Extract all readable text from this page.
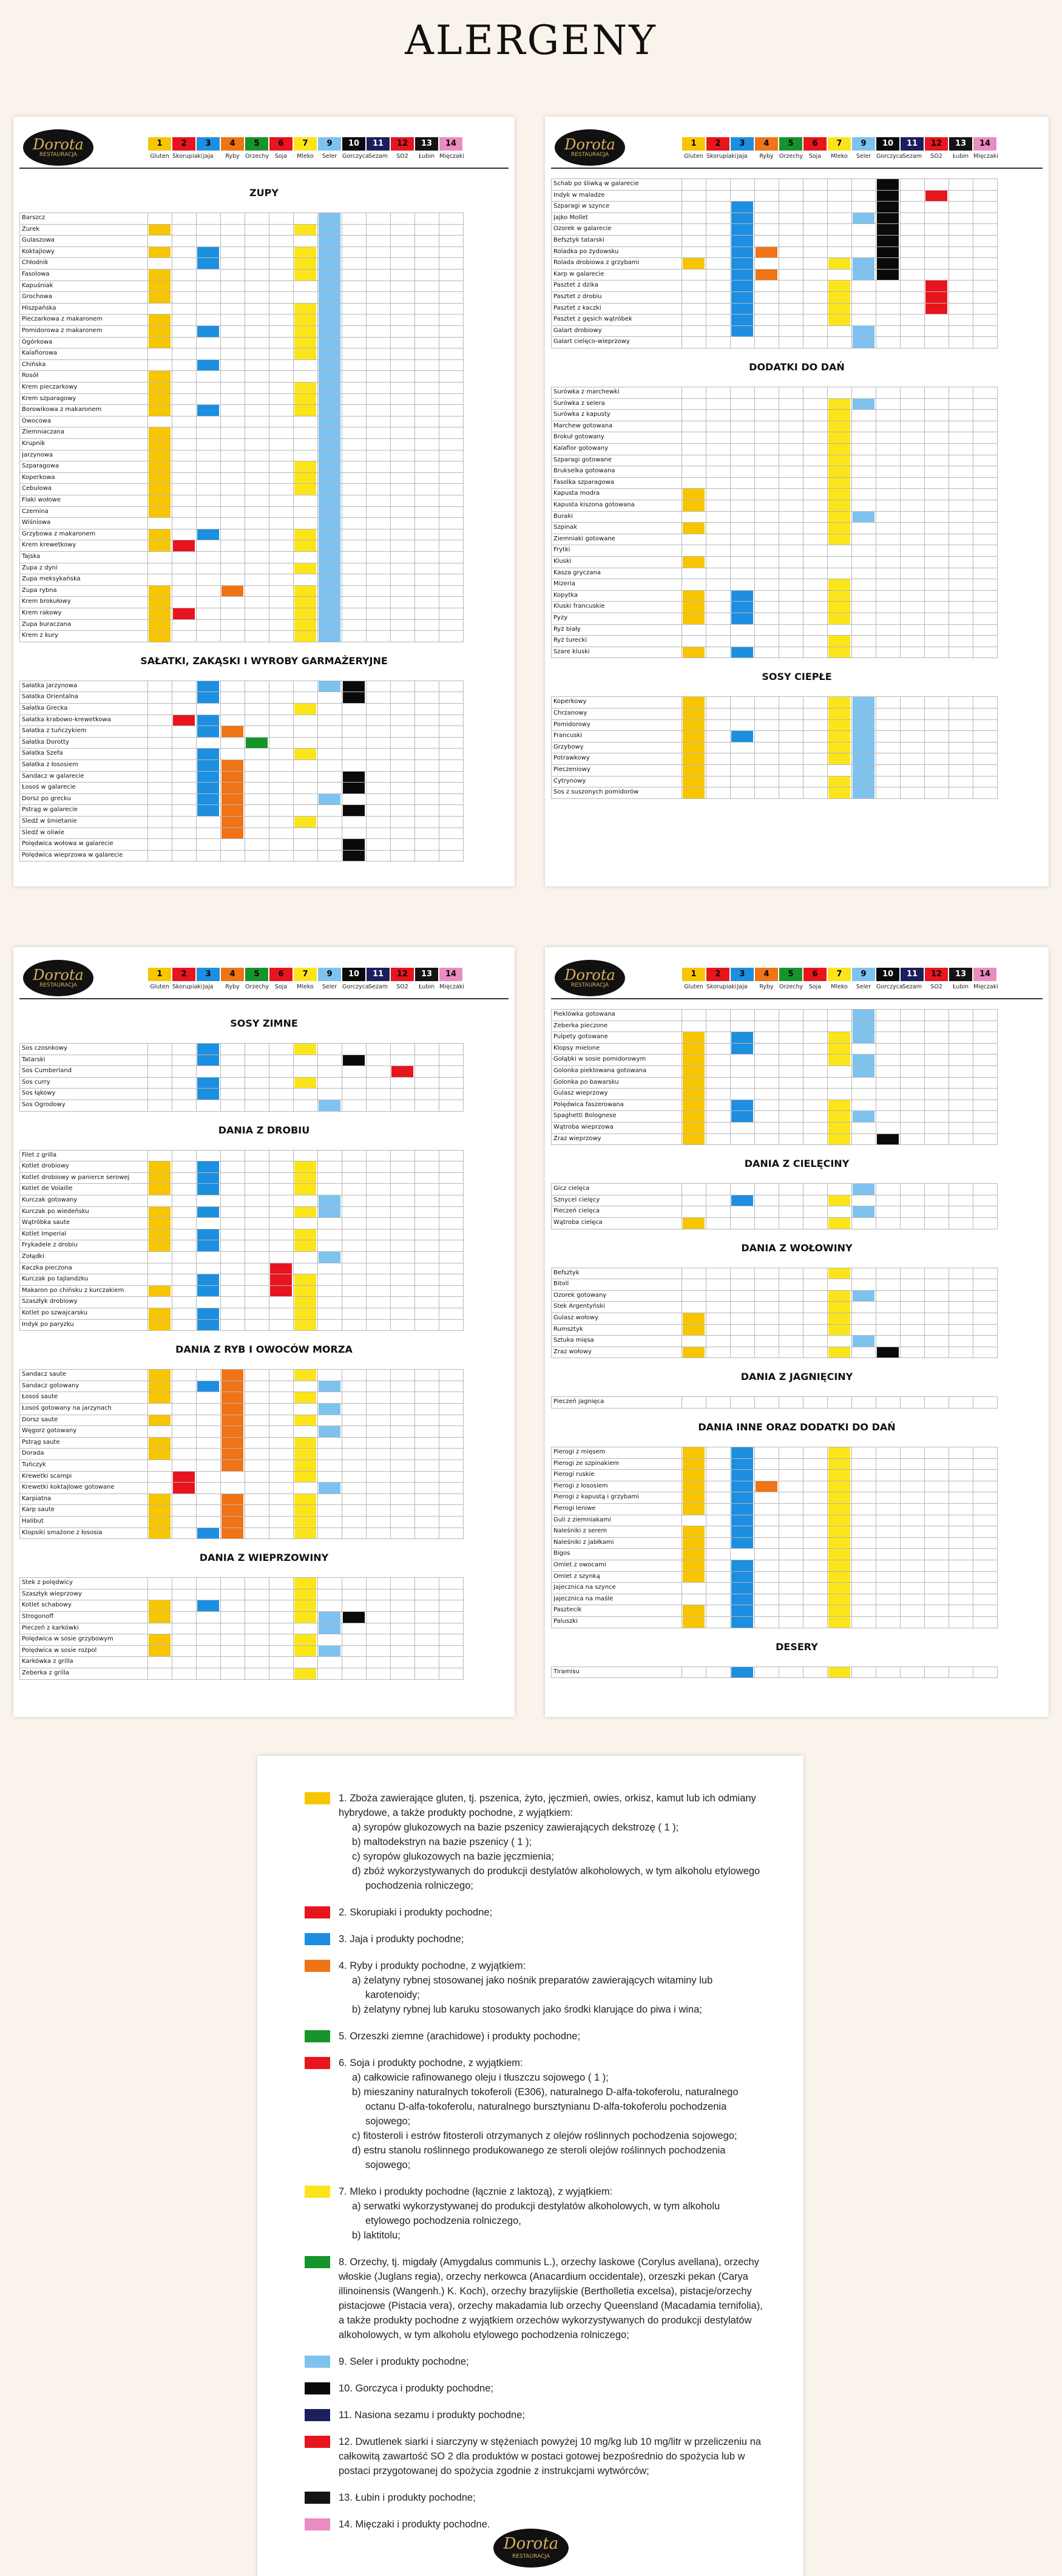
ALERGENY
Dorota
RESTAURACJA
1
Gluten
2
Skorupiaki
3
Jaja
4
Ryby
5
Orzechy
6
Soja
7
Mleko
9
Seler
10
Gorczyca
11
Sezam
12
SO2
13
Łubin
14
Mięczaki
ZUPY
Barszcz
Żurek
Gulaszowa
Koktajlowy
Chłodnik
Fasolowa
Kapuśniak
Grochowa
Hiszpańska
Pieczarkowa z makaronem
Pomidorowa z makaronem
Ogórkowa
Kalafiorowa
Chińska
Rosół
Krem pieczarkowy
Krem szparagowy
Borowikowa z makaronem
Owocowa
Ziemniaczana
Krupnik
Jarzynowa
Szparagowa
Koperkowa
Cebulowa
Flaki wołowe
Czernina
Wiśniowa
Grzybowa z makaronem
Krem krewetkowy
Tajska
Zupa z dyni
Zupa meksykańska
Zupa rybna
Krem brokułowy
Krem rakowy
Zupa buraczana
Krem z kury
SAŁATKI, ZAKĄSKI I WYROBY GARMAŻERYJNE
Sałatka jarzynowa
Sałatka Orientalna
Sałatka Grecka
Sałatka krabowo-krewetkowa
Sałatka z tuńczykiem
Sałatka Dorotty
Sałatka Szefa
Sałatka z łososiem
Sandacz w galarecie
Łosoś w galarecie
Dorsz po grecku
Pstrąg w galarecie
Śledź w śmietanie
Śledź w oliwie
Polędwica wołowa w galarecie
Polędwica wieprzowa w galarecie
Dorota
RESTAURACJA
1
Gluten
2
Skorupiaki
3
Jaja
4
Ryby
5
Orzechy
6
Soja
7
Mleko
9
Seler
10
Gorczyca
11
Sezam
12
SO2
13
Łubin
14
Mięczaki
Schab po śliwką w galarecie
Indyk w maladze
Szparagi w szynce
Jajko Mollet
Ozorek w galarecie
Befsztyk tatarski
Roladka po żydowsku
Rolada drobiowa z grzybami
Karp w galarecie
Pasztet z dzika
Pasztet z drobiu
Pasztet z kaczki
Pasztet z gęsich wątróbek
Galart drobiowy
Galart cielęco-wieprzowy
DODATKI DO DAŃ
Surówka z marchewki
Surówka z selera
Surówka z kapusty
Marchew gotowana
Brokuł gotowany
Kalafior gotowany
Szparagi gotowane
Brukselka gotowana
Fasolka szparagowa
Kapusta modra
Kapusta kiszona gotowana
Buraki
Szpinak
Ziemniaki gotowane
Frytki
Kluski
Kasza gryczana
Mizeria
Kopytka
Kluski francuskie
Pyzy
Ryż biały
Ryż turecki
Szare kluski
SOSY CIEPŁE
Koperkowy
Chrzanowy
Pomidorowy
Francuski
Grzybowy
Potrawkowy
Pieczeniowy
Cytrynowy
Sos z suszonych pomidorów
Dorota
RESTAURACJA
1
Gluten
2
Skorupiaki
3
Jaja
4
Ryby
5
Orzechy
6
Soja
7
Mleko
9
Seler
10
Gorczyca
11
Sezam
12
SO2
13
Łubin
14
Mięczaki
SOSY ZIMNE
Sos czosnkowy
Tatarski
Sos Cumberland
Sos curry
Sos łąkowy
Sos Ogrodowy
DANIA Z DROBIU
Filet z grilla
Kotlet drobiowy
Kotlet drobiowy w panierce serowej
Kotlet de Volaille
Kurczak gotowany
Kurczak po wiedeńsku
Wątróbka saute
Kotlet Imperial
Frykadele z drobiu
Żołądki
Kaczka pieczona
Kurczak po tajlandzku
Makaron po chińsku z kurczakiem
Szaszłyk drobiowy
Kotlet po szwajcarsku
Indyk po paryzku
DANIA Z RYB I OWOCÓW MORZA
Sandacz saute
Sandacz gotowany
Łosoś saute
Łosoś gotowany na jarzynach
Dorsz saute
Węgorz gotowany
Pstrąg saute
Dorada
Tuńczyk
Krewetki scampi
Krewetki koktajlowe gotowane
Karpiatna
Karp saute
Halibut
Klopsiki smażone z łososia
DANIA Z WIEPRZOWINY
Stek z polędwicy
Szaszłyk wieprzowy
Kotlet schabowy
Strogonoff
Pieczeń z karkówki
Polędwica w sosie grzybowym
Polędwica w sosie rożpol
Karkówka z grilla
Żeberka z grilla
Dorota
RESTAURACJA
1
Gluten
2
Skorupiaki
3
Jaja
4
Ryby
5
Orzechy
6
Soja
7
Mleko
9
Seler
10
Gorczyca
11
Sezam
12
SO2
13
Łubin
14
Mięczaki
Pieklówka gotowana
Żeberka pieczone
Pulpety gotowane
Klopsy mielone
Gołąbki w sosie pomidorowym
Golonka pieklowana gotowana
Golonka po bawarsku
Gulasz wieprzowy
Polędwica faszerowana
Spaghetti Bolognese
Wątroba wieprzowa
Zraz wieprzowy
DANIA Z CIELĘCINY
Gicz cielęca
Sznycel cielęcy
Pieczeń cielęca
Wątroba cielęca
DANIA Z WOŁOWINY
Befsztyk
Bitoll
Ozorek gotowany
Stek Argentyński
Gulasz wołowy
Rumsztyk
Sztuka mięsa
Zraz wołowy
DANIA Z JAGNIĘCINY
Pieczeń jagnięca
DANIA INNE ORAZ DODATKI DO DAŃ
Pierogi z mięsem
Pierogi ze szpinakiem
Pierogi ruskie
Pierogi z łososiem
Pierogi z kapustą i grzybami
Pierogi leniwe
Guli z ziemniakami
Naleśniki z serem
Naleśniki z jabłkami
Bigos
Omlet z owocami
Omlet z szynką
Jajecznica na szynce
Jajecznica na maśle
Pasztecik
Paluszki
DESERY
Tiramisu

1. Zboża zawierające gluten, tj. pszenica, żyto, jęczmień, owies, orkisz, kamut lub ich odmiany hybrydowe, a także produkty pochodne, z wyjątkiem:

a) syropów glukozowych na bazie pszenicy zawierających dekstrozę ( 1 );

b) maltodekstryn na bazie pszenicy ( 1 );

c) syropów glukozowych na bazie jęczmienia;

d) zbóż wykorzystywanych do produkcji destylatów alkoholowych, w tym alkoholu etylowego pochodzenia rolniczego;

2. Skorupiaki i produkty pochodne;

3. Jaja i produkty pochodne;

4. Ryby i produkty pochodne, z wyjątkiem:

a) żelatyny rybnej stosowanej jako nośnik preparatów zawierających witaminy lub karotenoidy;

b) żelatyny rybnej lub karuku stosowanych jako środki klarujące do piwa i wina;

5. Orzeszki ziemne (arachidowe) i produkty pochodne;

6. Soja i produkty pochodne, z wyjątkiem:

a) całkowicie rafinowanego oleju i tłuszczu sojowego ( 1 );

b) mieszaniny naturalnych tokoferoli (E306), naturalnego D-alfa-tokoferolu, naturalnego octanu D-alfa-tokoferolu, naturalnego bursztynianu D-alfa-tokoferolu pochodzenia sojowego;

c) fitosteroli i estrów fitosteroli otrzymanych z olejów roślinnych pochodzenia sojowego;

d) estru stanolu roślinnego produkowanego ze steroli olejów roślinnych pochodzenia sojowego;

7. Mleko i produkty pochodne (łącznie z laktozą), z wyjątkiem:

a) serwatki wykorzystywanej do produkcji destylatów alkoholowych, w tym alkoholu etylowego pochodzenia rolniczego,

b) laktitolu;

8. Orzechy, tj. migdały (Amygdalus communis L.), orzechy laskowe (Corylus avellana), orzechy włoskie (Juglans regia), orzechy nerkowca (Anacardium occidentale), orzeszki pekan (Carya illinoinensis (Wangenh.) K. Koch), orzechy brazylijskie (Bertholletia excelsa), pistacje/orzechy pistacjowe (Pistacia vera), orzechy makadamia lub orzechy Queensland (Macadamia ternifolia), a także produkty pochodne z wyjątkiem orzechów wykorzystywanych do produkcji destylatów alkoholowych, w tym alkoholu etylowego pochodzenia rolniczego;

9. Seler i produkty pochodne;

10. Gorczyca i produkty pochodne;

11. Nasiona sezamu i produkty pochodne;

12. Dwutlenek siarki i siarczyny w stężeniach powyżej 10 mg/kg lub 10 mg/litr w przeliczeniu na całkowitą zawartość SO 2 dla produktów w postaci gotowej bezpośrednio do spożycia lub w postaci przygotowanej do spożycia zgodnie z instrukcjami wytwórców;

13. Łubin i produkty pochodne;

14. Mięczaki i produkty pochodne.

Dorota
RESTAURACJA
